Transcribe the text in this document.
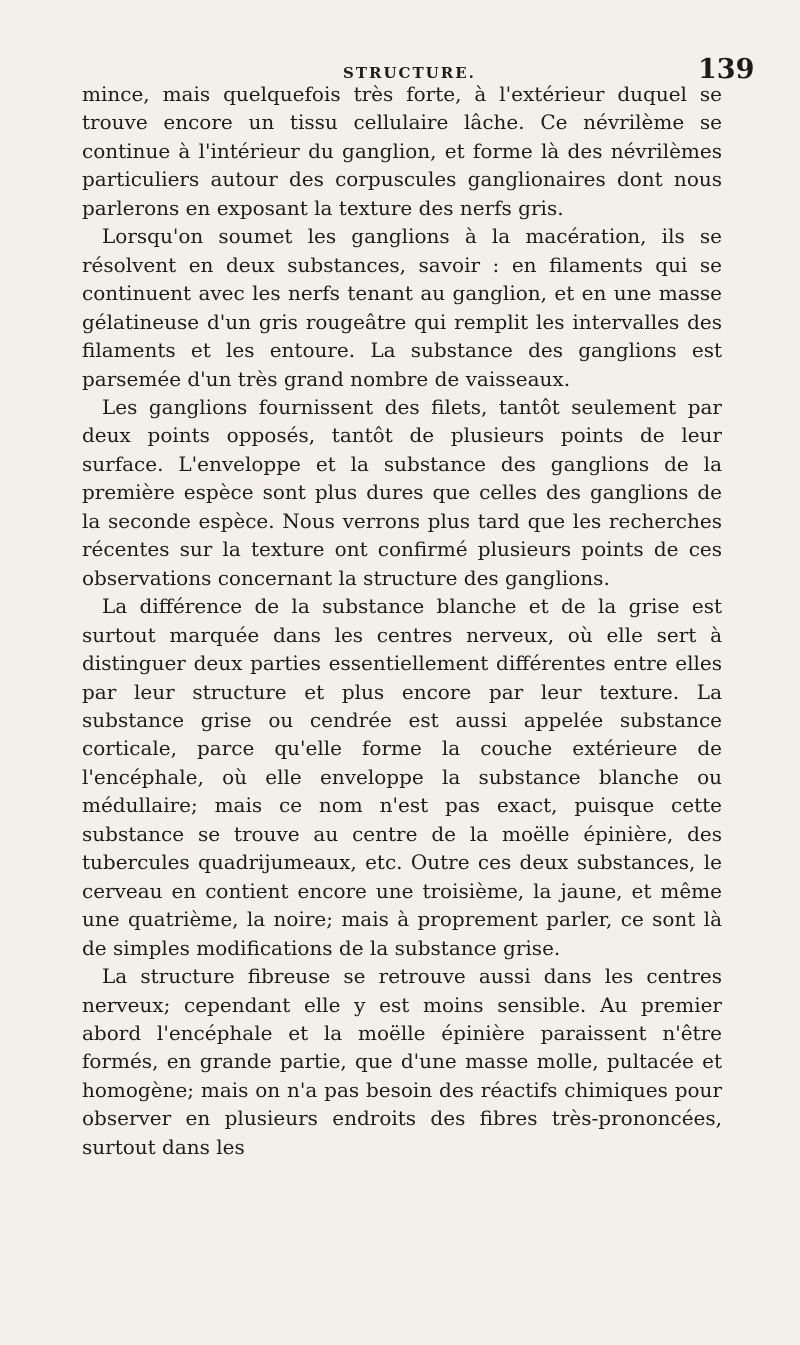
STRUCTURE.	139

mince, mais quelquefois très forte, à l'extérieur duquel se trouve encore un tissu cellulaire lâche. Ce névrilème se continue à l'intérieur du ganglion, et forme là des névrilèmes particuliers autour des corpuscules ganglionaires dont nous parlerons en exposant la texture des nerfs gris.

Lorsqu'on soumet les ganglions à la macération, ils se résolvent en deux substances, savoir : en filaments qui se continuent avec les nerfs tenant au ganglion, et en une masse gélatineuse d'un gris rougeâtre qui remplit les intervalles des filaments et les entoure. La substance des ganglions est parsemée d'un très grand nombre de vaisseaux.

Les ganglions fournissent des filets, tantôt seulement par deux points opposés, tantôt de plusieurs points de leur surface. L'enveloppe et la substance des ganglions de la première espèce sont plus dures que celles des ganglions de la seconde espèce. Nous verrons plus tard que les recherches récentes sur la texture ont confirmé plusieurs points de ces observations concernant la structure des ganglions.

La différence de la substance blanche et de la grise est surtout marquée dans les centres nerveux, où elle sert à distinguer deux parties essentiellement différentes entre elles par leur structure et plus encore par leur texture. La substance grise ou cendrée est aussi appelée substance corticale, parce qu'elle forme la couche extérieure de l'encéphale, où elle enveloppe la substance blanche ou médullaire; mais ce nom n'est pas exact, puisque cette substance se trouve au centre de la moëlle épinière, des tubercules quadrijumeaux, etc. Outre ces deux substances, le cerveau en contient encore une troisième, la jaune, et même une quatrième, la noire; mais à proprement parler, ce sont là de simples modifications de la substance grise.

La structure fibreuse se retrouve aussi dans les centres nerveux; cependant elle y est moins sensible. Au premier abord l'encéphale et la moëlle épinière paraissent n'être formés, en grande partie, que d'une masse molle, pultacée et homogène; mais on n'a pas besoin des réactifs chimiques pour observer en plusieurs endroits des fibres très-prononcées, surtout dans les
